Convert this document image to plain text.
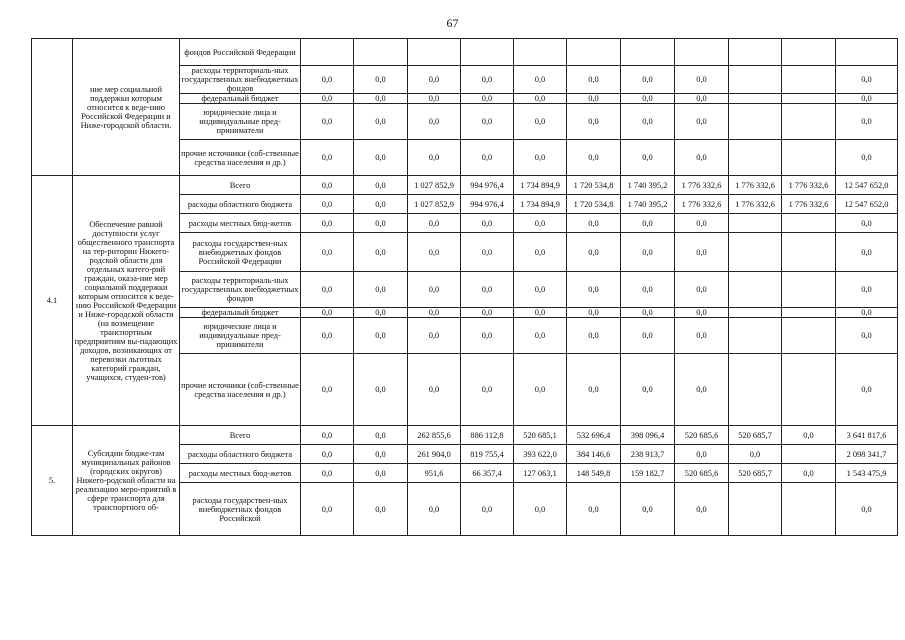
67
	ние мер социальной поддержки которым относится к веде-нию Российской Федерации и Ниже-городской области.	фондов Российской Федерации											
		расходы территориаль-ных государственных внебюджетных фондов	0,0	0,0	0,0	0,0	0,0	0,0	0,0	0,0			0,0
		федеральный бюджет	0,0	0,0	0,0	0,0	0,0	0,0	0,0	0,0			0,0
		юридические лица и индивидуальные пред-приниматели	0,0	0,0	0,0	0,0	0,0	0,0	0,0	0,0			0,0
		прочие источники (соб-ственные средства населения и др.)	0,0	0,0	0,0	0,0	0,0	0,0	0,0	0,0			0,0
4.1	Обеспечение равной доступности услуг общественного транспорта на тер-ритории Нижего-родской области для отдельных катего-рий граждан, оказа-ние мер социальной поддержки которым относится к веде-нию Российской Федерации и Ниже-городской области (на возмещение транспортным предприятиям вы-падающих доходов, возникающих от перевозки льготных категорий граждан, учащихся, студен-тов)	Всего	0,0	0,0	1 027 852,9	994 976,4	1 734 894,9	1 720 534,8	1 740 395,2	1 776 332,6	1 776 332,6	1 776 332,6	12 547 652,0
		расходы областного бюджета	0,0	0,0	1 027 852,9	994 976,4	1 734 894,9	1 720 534,8	1 740 395,2	1 776 332,6	1 776 332,6	1 776 332,6	12 547 652,0
		расходы местных бюд-жетов	0,0	0,0	0,0	0,0	0,0	0,0	0,0	0,0			0,0
		расходы государствен-ных внебюджетных фондов Российской Федерации	0,0	0,0	0,0	0,0	0,0	0,0	0,0	0,0			0,0
		расходы территориаль-ных государственных внебюджетных фондов	0,0	0,0	0,0	0,0	0,0	0,0	0,0	0,0			0,0
		федеральный бюджет	0,0	0,0	0,0	0,0	0,0	0,0	0,0	0,0			0,0
		юридические лица и индивидуальные пред-приниматели	0,0	0,0	0,0	0,0	0,0	0,0	0,0	0,0			0,0
		прочие источники (соб-ственные средства населения и др.)	0,0	0,0	0,0	0,0	0,0	0,0	0,0	0,0			0,0
5.	Субсидии бюдже-там муниципальных районов (городских округов) Нижего-родской области на реализацию меро-приятий в сфере транспорта для транспортного об-	Всего	0,0	0,0	262 855,6	886 112,8	520 685,1	532 696,4	398 096,4	520 685,6	520 685,7	0,0	3 641 817,6
		расходы областного бюджета	0,0	0,0	261 904,0	819 755,4	393 622,0	384 146,6	238 913,7	0,0	0,0		2 098 341,7
		расходы местных бюд-жетов	0,0	0,0	951,6	66 357,4	127 063,1	148 549,8	159 182,7	520 685,6	520 685,7	0,0	1 543 475,9
		расходы государствен-ных внебюджетных фондов Российской	0,0	0,0	0,0	0,0	0,0	0,0	0,0	0,0			0,0
